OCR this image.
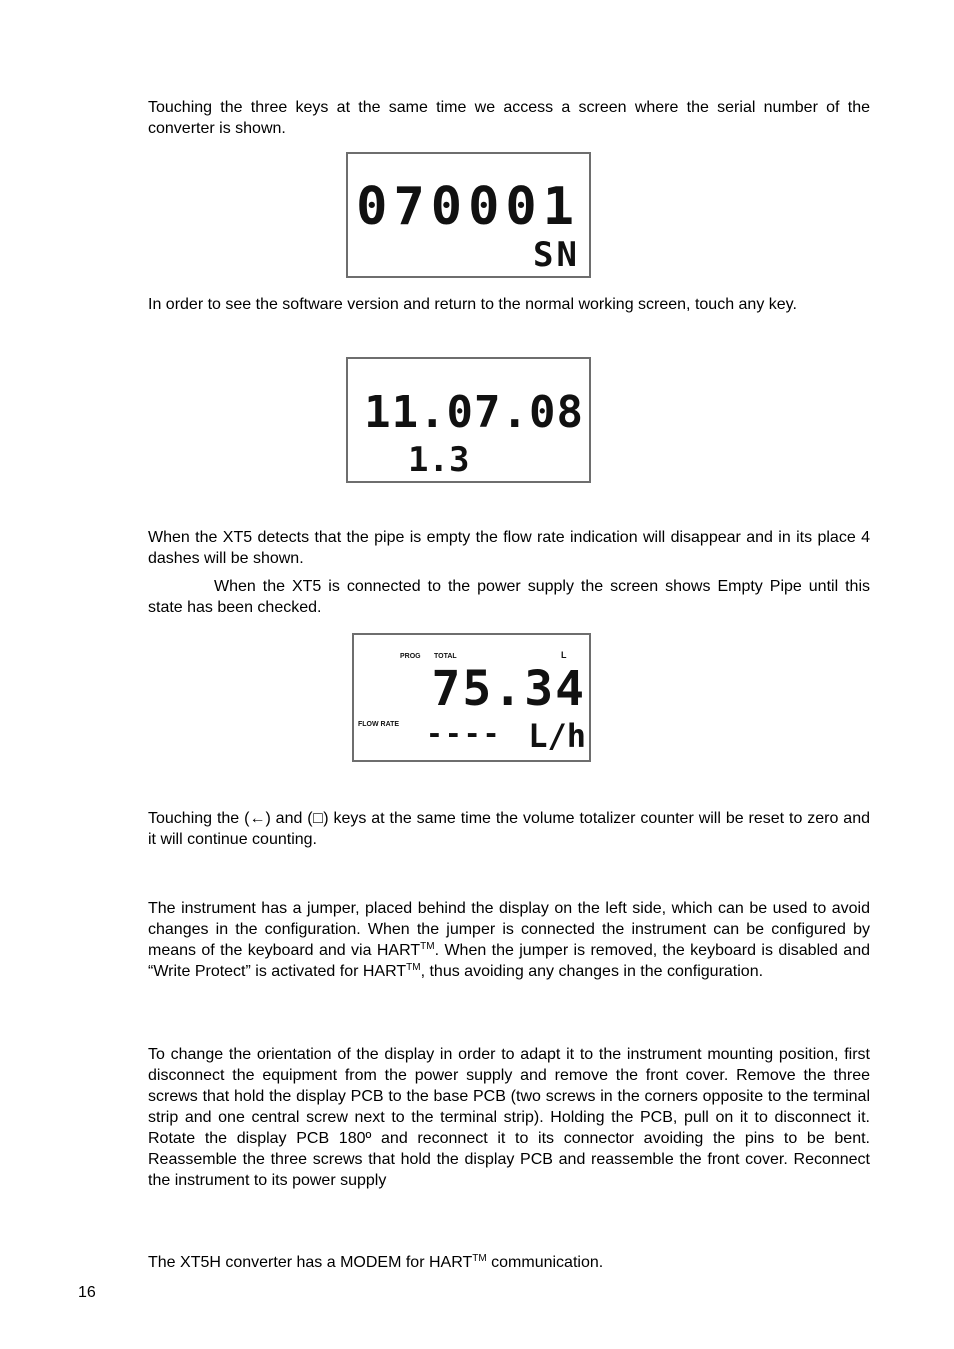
Touching the three keys at the same time we access a screen where the serial number of the converter is shown.

070001
SN

In order to see the software version and return to the normal working screen, touch any key.

11.07.08
1.3

When the XT5 detects that the pipe is empty the flow rate indication will disappear and in its place 4 dashes will be shown.

When the XT5 is connected to the power supply the screen shows Empty Pipe until this state has been checked.

PROG TOTAL	L
75.34
FLOW RATE ---- L/h

Touching the (←) and (□) keys at the same time the volume totalizer counter will be reset to zero and it will continue counting.

The instrument has a jumper, placed behind the display on the left side, which can be used to avoid changes in the configuration. When the jumper is connected the instrument can be configured by means of the keyboard and via HART™. When the jumper is removed, the keyboard is disabled and “Write Protect” is activated for HART™, thus avoiding any changes in the configuration.

To change the orientation of the display in order to adapt it to the instrument mounting position, first disconnect the equipment from the power supply and remove the front cover. Remove the three screws that hold the display PCB to the base PCB (two screws in the corners opposite to the terminal strip and one central screw next to the terminal strip). Holding the PCB, pull on it to disconnect it. Rotate the display PCB 180º and reconnect it to its connector avoiding the pins to be bent. Reassemble the three screws that hold the display PCB and reassemble the front cover. Reconnect the instrument to its power supply

The XT5H converter has a MODEM for HART™ communication.

16
